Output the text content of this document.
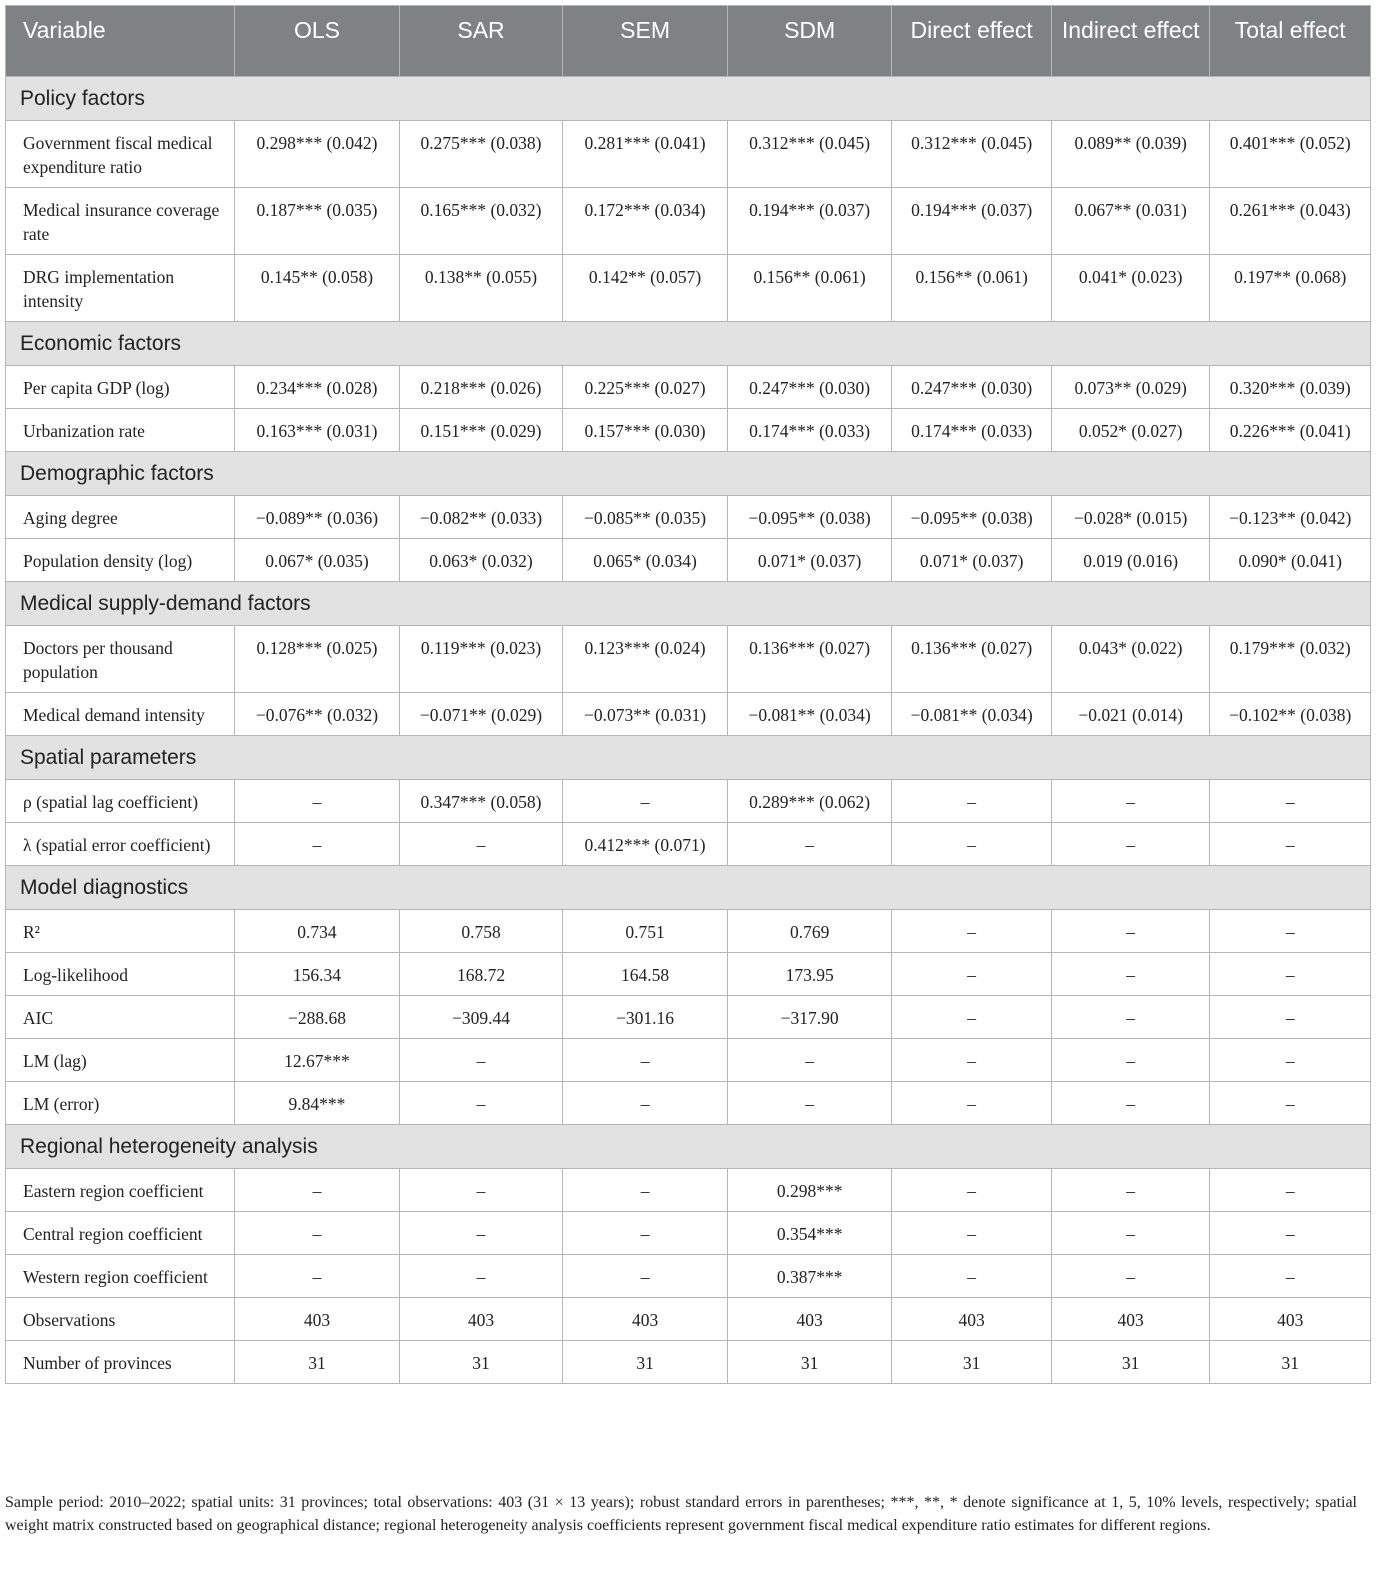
Variable	OLS	SAR	SEM	SDM	Direct effect	Indirect effect	Total effect
Policy factors							
Government fiscal medical expenditure ratio	0.298*** (0.042)	0.275*** (0.038)	0.281*** (0.041)	0.312*** (0.045)	0.312*** (0.045)	0.089** (0.039)	0.401*** (0.052)
Medical insurance coverage rate	0.187*** (0.035)	0.165*** (0.032)	0.172*** (0.034)	0.194*** (0.037)	0.194*** (0.037)	0.067** (0.031)	0.261*** (0.043)
DRG implementation intensity	0.145** (0.058)	0.138** (0.055)	0.142** (0.057)	0.156** (0.061)	0.156** (0.061)	0.041* (0.023)	0.197** (0.068)
Economic factors							
Per capita GDP (log)	0.234*** (0.028)	0.218*** (0.026)	0.225*** (0.027)	0.247*** (0.030)	0.247*** (0.030)	0.073** (0.029)	0.320*** (0.039)
Urbanization rate	0.163*** (0.031)	0.151*** (0.029)	0.157*** (0.030)	0.174*** (0.033)	0.174*** (0.033)	0.052* (0.027)	0.226*** (0.041)
Demographic factors							
Aging degree	−0.089** (0.036)	−0.082** (0.033)	−0.085** (0.035)	−0.095** (0.038)	−0.095** (0.038)	−0.028* (0.015)	−0.123** (0.042)
Population density (log)	0.067* (0.035)	0.063* (0.032)	0.065* (0.034)	0.071* (0.037)	0.071* (0.037)	0.019 (0.016)	0.090* (0.041)
Medical supply-demand factors							
Doctors per thousand population	0.128*** (0.025)	0.119*** (0.023)	0.123*** (0.024)	0.136*** (0.027)	0.136*** (0.027)	0.043* (0.022)	0.179*** (0.032)
Medical demand intensity	−0.076** (0.032)	−0.071** (0.029)	−0.073** (0.031)	−0.081** (0.034)	−0.081** (0.034)	−0.021 (0.014)	−0.102** (0.038)
Spatial parameters							
ρ (spatial lag coefficient)	–	0.347*** (0.058)	–	0.289*** (0.062)	–	–	–
λ (spatial error coefficient)	–	–	0.412*** (0.071)	–	–	–	–
Model diagnostics							
R²	0.734	0.758	0.751	0.769	–	–	–
Log-likelihood	156.34	168.72	164.58	173.95	–	–	–
AIC	−288.68	−309.44	−301.16	−317.90	–	–	–
LM (lag)	12.67***	–	–	–	–	–	–
LM (error)	9.84***	–	–	–	–	–	–
Regional heterogeneity analysis							
Eastern region coefficient	–	–	–	0.298***	–	–	–
Central region coefficient	–	–	–	0.354***	–	–	–
Western region coefficient	–	–	–	0.387***	–	–	–
Observations	403	403	403	403	403	403	403
Number of provinces	31	31	31	31	31	31	31
Sample period: 2010–2022; spatial units: 31 provinces; total observations: 403 (31 × 13 years); robust standard errors in parentheses; ***, **, * denote significance at 1, 5, 10% levels, respectively; spatial weight matrix constructed based on geographical distance; regional heterogeneity analysis coefficients represent government fiscal medical expenditure ratio estimates for different regions.
